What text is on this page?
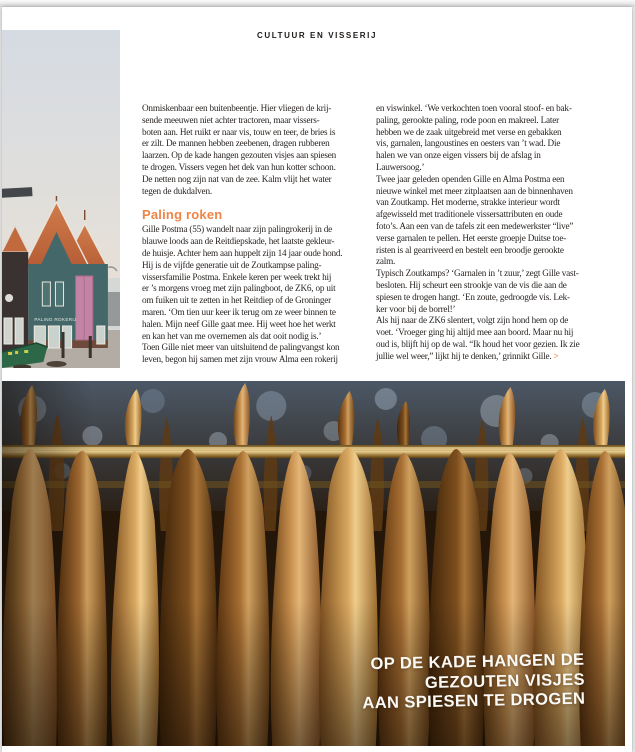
CULTUUR EN VISSERIJ
PALING ROKERIJ
Onmiskenbaar een buitenbeentje. Hier vliegen de krij-
sende meeuwen niet achter tractoren, maar vissers-
boten aan. Het ruikt er naar vis, touw en teer, de bries is
er zilt. De mannen hebben zeebenen, dragen rubberen
laarzen. Op de kade hangen gezouten visjes aan spiesen
te drogen. Vissers vegen het dek van hun kotter schoon.
De netten nog zijn nat van de zee. Kalm vlijt het water
tegen de dukdalven.
Paling roken
Gille Postma (55) wandelt naar zijn palingrokerij in de
blauwe loods aan de Reitdiepskade, het laatste gekleur-
de huisje. Achter hem aan huppelt zijn 14 jaar oude hond.
Hij is de vijfde generatie uit de Zoutkampse paling-
vissersfamilie Postma. Enkele keren per week trekt hij
er ’s morgens vroeg met zijn palingboot, de ZK6, op uit
om fuiken uit te zetten in het Reitdiep of de Groninger
maren. ‘Om tien uur keer ik terug om ze weer binnen te
halen. Mijn neef Gille gaat mee. Hij weet hoe het werkt
en kan het van me overnemen als dat ooit nodig is.’
Toen Gille niet meer van uitsluitend de palingvangst kon
leven, begon hij samen met zijn vrouw Alma een rokerij
en viswinkel. ‘We verkochten toen vooral stoof- en bak-
paling, gerookte paling, rode poon en makreel. Later
hebben we de zaak uitgebreid met verse en gebakken
vis, garnalen, langoustines en oesters van ’t wad. Die
halen we van onze eigen vissers bij de afslag in
Lauwersoog.’
Twee jaar geleden openden Gille en Alma Postma een
nieuwe winkel met meer zitplaatsen aan de binnenhaven
van Zoutkamp. Het moderne, strakke interieur wordt
afgewisseld met traditionele vissersattributen en oude
foto’s. Aan een van de tafels zit een medewerkster “live”
verse garnalen te pellen. Het eerste groepje Duitse toe-
risten is al gearriveerd en bestelt een broodje gerookte
zalm.
Typisch Zoutkamps? ‘Garnalen in ’t zuur,’ zegt Gille vast-
besloten. Hij scheurt een strookje van de vis die aan de
spiesen te drogen hangt. ‘En zoute, gedroogde vis. Lek-
ker voor bij de borrel!’
Als hij naar de ZK6 slentert, volgt zijn hond hem op de
voet. ‘Vroeger ging hij altijd mee aan boord. Maar nu hij
oud is, blijft hij op de wal. “Ik houd het voor gezien. Ik zie
jullie wel weer,” lijkt hij te denken,’ grinnikt Gille. >
OP DE KADE HANGEN DE
GEZOUTEN VISJES
AAN SPIESEN TE DROGEN
